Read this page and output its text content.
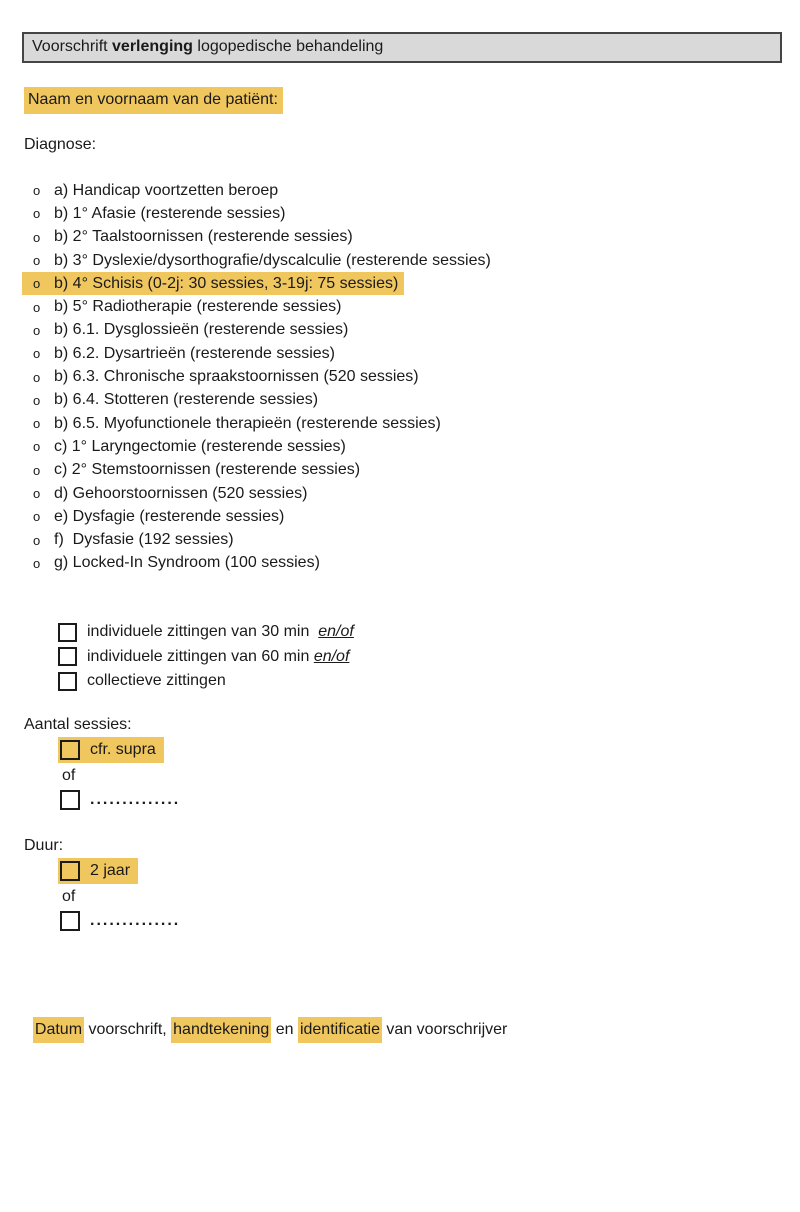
Voorschrift verlenging logopedische behandeling
Naam en voornaam van de patiënt:
Diagnose:
o a) Handicap voortzetten beroep
o b) 1° Afasie (resterende sessies)
o b) 2° Taalstoornissen (resterende sessies)
o b) 3° Dyslexie/dysorthografie/dyscalculie (resterende sessies)
o b) 4° Schisis (0-2j: 30 sessies, 3-19j: 75 sessies)
o b) 5° Radiotherapie (resterende sessies)
o b) 6.1. Dysglossieën (resterende sessies)
o b) 6.2. Dysartrieën (resterende sessies)
o b) 6.3. Chronische spraakstoornissen (520 sessies)
o b) 6.4. Stotteren (resterende sessies)
o b) 6.5. Myofunctionele therapieën (resterende sessies)
o c) 1° Laryngectomie (resterende sessies)
o c) 2° Stemstoornissen (resterende sessies)
o d) Gehoorstoornissen (520 sessies)
o e) Dysfagie (resterende sessies)
o f)  Dysfasie (192 sessies)
o g) Locked-In Syndroom (100 sessies)
individuele zittingen van 30 min en/of
individuele zittingen van 60 min en/of
collectieve zittingen
Aantal sessies:
cfr. supra
of
..............
Duur:
2 jaar
of
..............

Datum voorschrift, handtekening en identificatie van voorschrijver
